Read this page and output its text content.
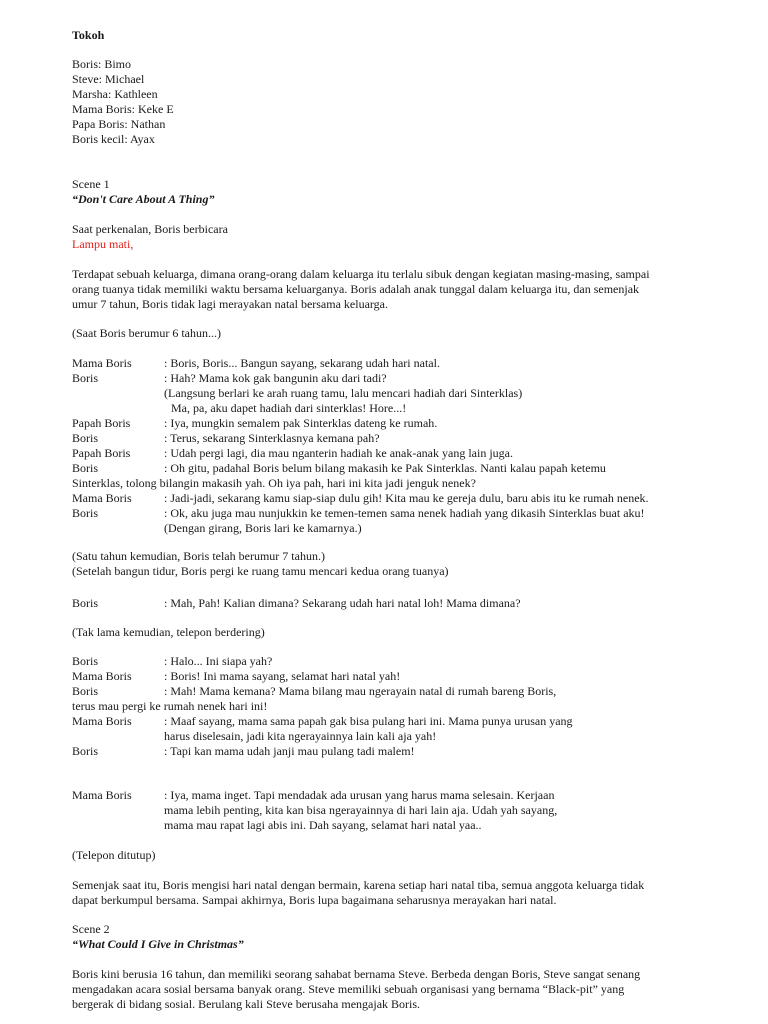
Tokoh
Boris: Bimo
Steve: Michael
Marsha: Kathleen
Mama Boris: Keke E
Papa Boris: Nathan
Boris kecil: Ayax
Scene 1
“Don't Care About A Thing”
Saat perkenalan, Boris berbicara
Lampu mati,
Terdapat sebuah keluarga, dimana orang-orang dalam keluarga itu terlalu sibuk dengan kegiatan masing-masing, sampai
orang tuanya tidak memiliki waktu bersama keluarganya. Boris adalah anak tunggal dalam keluarga itu, dan semenjak
umur 7 tahun, Boris tidak lagi merayakan natal bersama keluarga.
(Saat Boris berumur 6 tahun...)
Mama Boris	: Boris, Boris... Bangun sayang, sekarang udah hari natal.
Boris	: Hah? Mama kok gak bangunin aku dari tadi?
(Langsung berlari ke arah ruang tamu, lalu mencari hadiah dari Sinterklas)
Ma, pa, aku dapet hadiah dari sinterklas! Hore...!
Papah Boris	: Iya, mungkin semalem pak Sinterklas dateng ke rumah.
Boris	: Terus, sekarang Sinterklasnya kemana pah?
Papah Boris	: Udah pergi lagi, dia mau nganterin hadiah ke anak-anak yang lain juga.
Boris	: Oh gitu, padahal Boris belum bilang makasih ke Pak Sinterklas. Nanti kalau papah ketemu
Sinterklas, tolong bilangin makasih yah. Oh iya pah, hari ini kita jadi jenguk nenek?
Mama Boris	: Jadi-jadi, sekarang kamu siap-siap dulu gih! Kita mau ke gereja dulu, baru abis itu ke rumah nenek.
Boris	: Ok, aku juga mau nunjukkin ke temen-temen sama nenek hadiah yang dikasih Sinterklas buat aku!
(Dengan girang, Boris lari ke kamarnya.)
(Satu tahun kemudian, Boris telah berumur 7 tahun.)
(Setelah bangun tidur, Boris pergi ke ruang tamu mencari kedua orang tuanya)
Boris	: Mah, Pah! Kalian dimana? Sekarang udah hari natal loh! Mama dimana?
(Tak lama kemudian, telepon berdering)
Boris	: Halo... Ini siapa yah?
Mama Boris	: Boris! Ini mama sayang, selamat hari natal yah!
Boris	: Mah! Mama kemana? Mama bilang mau ngerayain natal di rumah bareng Boris,
terus mau pergi ke rumah nenek hari ini!
Mama Boris	: Maaf sayang, mama sama papah gak bisa pulang hari ini. Mama punya urusan yang
harus diselesain, jadi kita ngerayainnya lain kali aja yah!
Boris	: Tapi kan mama udah janji mau pulang tadi malem!
Mama Boris	: Iya, mama inget. Tapi mendadak ada urusan yang harus mama selesain. Kerjaan
mama lebih penting, kita kan bisa ngerayainnya di hari lain aja. Udah yah sayang,
mama mau rapat lagi abis ini. Dah sayang, selamat hari natal yaa..
(Telepon ditutup)
Semenjak saat itu, Boris mengisi hari natal dengan bermain, karena setiap hari natal tiba, semua anggota keluarga tidak
dapat berkumpul bersama. Sampai akhirnya, Boris lupa bagaimana seharusnya merayakan hari natal.
Scene 2
“What Could I Give in Christmas”
Boris kini berusia 16 tahun, dan memiliki seorang sahabat bernama Steve. Berbeda dengan Boris, Steve sangat senang
mengadakan acara sosial bersama banyak orang. Steve memiliki sebuah organisasi yang bernama “Black-pit” yang
bergerak di bidang sosial. Berulang kali Steve berusaha mengajak Boris.
